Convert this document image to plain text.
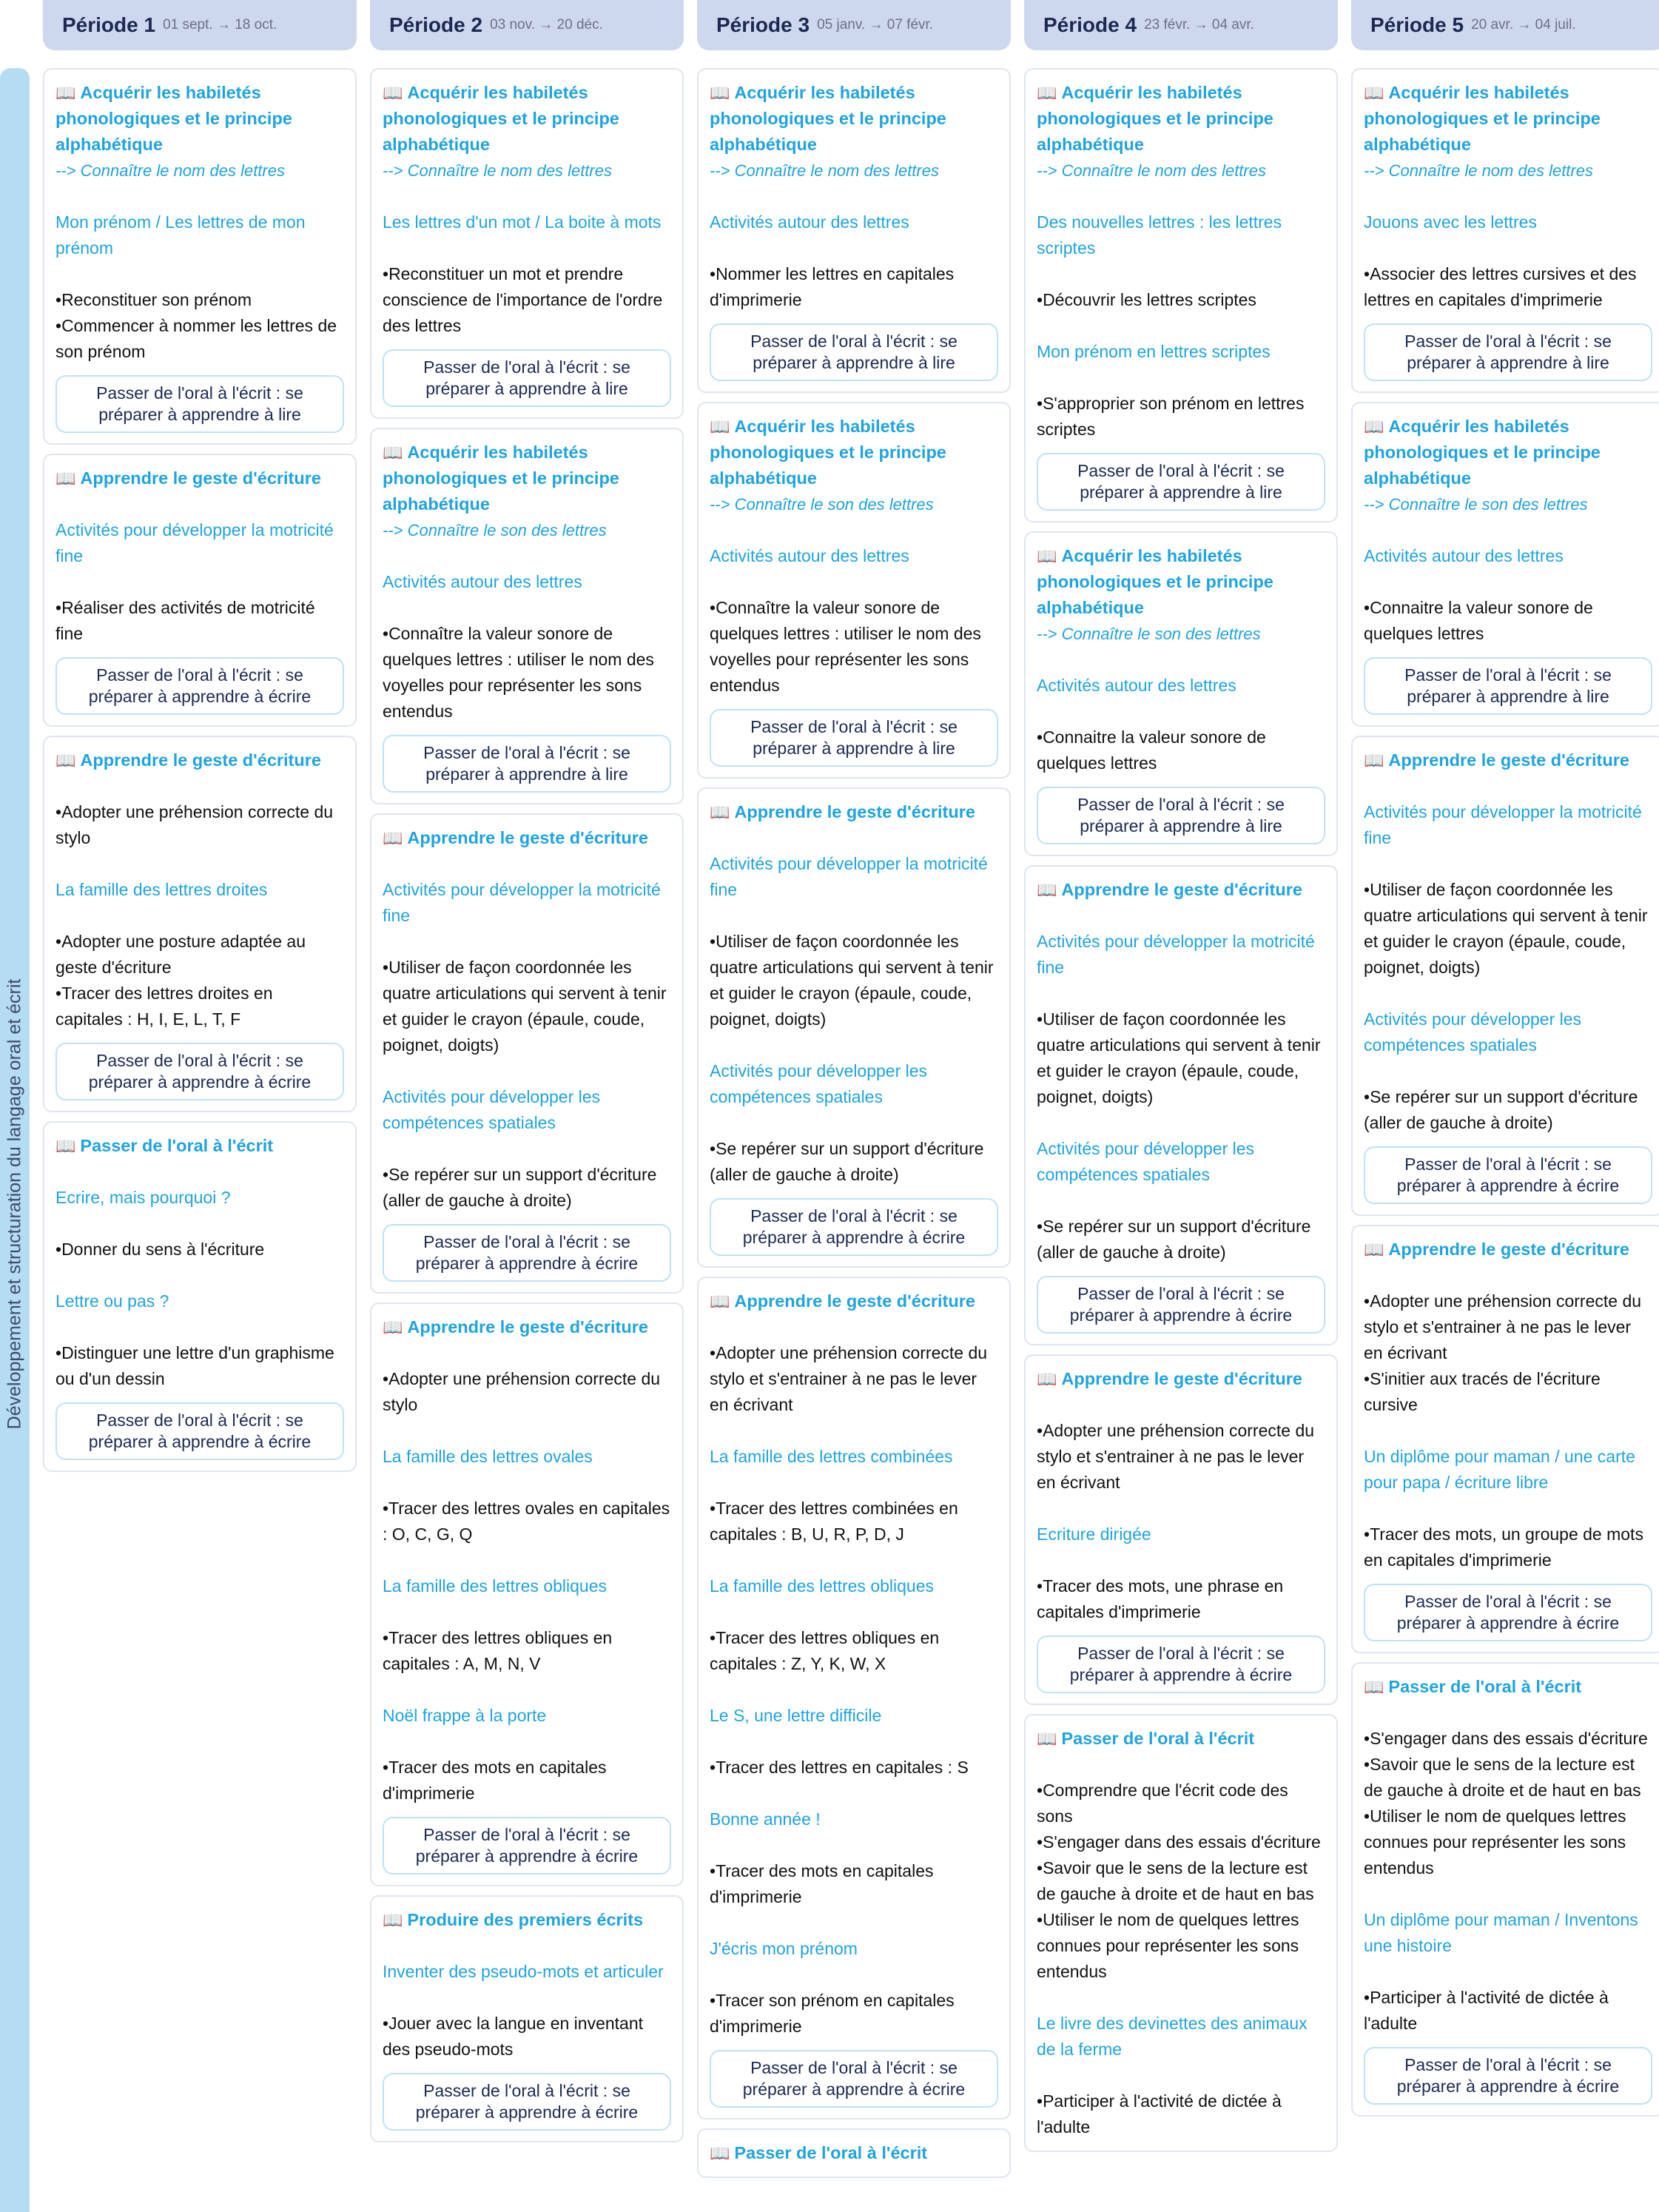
Développement et structuration du langage oral et écrit
Période 1 01 sept. → 18 oct.
📖 Acquérir les habiletés phonologiques et le principe alphabétique
--> Connaître le nom des lettres
Mon prénom / Les lettres de mon prénom
• Reconstituer son prénom
• Commencer à nommer les lettres de son prénom
Passer de l'oral à l'écrit : se préparer à apprendre à lire
📖 Apprendre le geste d'écriture
Activités pour développer la motricité fine
• Réaliser des activités de motricité fine
Passer de l'oral à l'écrit : se préparer à apprendre à écrire
📖 Apprendre le geste d'écriture
• Adopter une préhension correcte du stylo
La famille des lettres droites
• Adopter une posture adaptée au geste d'écriture
• Tracer des lettres droites en capitales : H, I, E, L, T, F
Passer de l'oral à l'écrit : se préparer à apprendre à écrire
📖 Passer de l'oral à l'écrit
Ecrire, mais pourquoi ?
• Donner du sens à l'écriture
Lettre ou pas ?
• Distinguer une lettre d'un graphisme ou d'un dessin
Passer de l'oral à l'écrit : se préparer à apprendre à écrire
Période 2 03 nov. → 20 déc.
📖 Acquérir les habiletés phonologiques et le principe alphabétique
--> Connaître le nom des lettres
Les lettres d'un mot / La boite à mots
• Reconstituer un mot et prendre conscience de l'importance de l'ordre des lettres
Passer de l'oral à l'écrit : se préparer à apprendre à lire
📖 Acquérir les habiletés phonologiques et le principe alphabétique
--> Connaître le son des lettres
Activités autour des lettres
• Connaître la valeur sonore de quelques lettres : utiliser le nom des voyelles pour représenter les sons entendus
Passer de l'oral à l'écrit : se préparer à apprendre à lire
📖 Apprendre le geste d'écriture
Activités pour développer la motricité fine
• Utiliser de façon coordonnée les quatre articulations qui servent à tenir et guider le crayon (épaule, coude, poignet, doigts)
Activités pour développer les compétences spatiales
• Se repérer sur un support d'écriture (aller de gauche à droite)
Passer de l'oral à l'écrit : se préparer à apprendre à écrire
📖 Apprendre le geste d'écriture
• Adopter une préhension correcte du stylo
La famille des lettres ovales
• Tracer des lettres ovales en capitales : O, C, G, Q
La famille des lettres obliques
• Tracer des lettres obliques en capitales : A, M, N, V
Noël frappe à la porte
• Tracer des mots en capitales d'imprimerie
Passer de l'oral à l'écrit : se préparer à apprendre à écrire
📖 Produire des premiers écrits
Inventer des pseudo-mots et articuler
• Jouer avec la langue en inventant des pseudo-mots
Passer de l'oral à l'écrit : se préparer à apprendre à écrire
Période 3 05 janv. → 07 févr.
📖 Acquérir les habiletés phonologiques et le principe alphabétique
--> Connaître le nom des lettres
Activités autour des lettres
• Nommer les lettres en capitales d'imprimerie
Passer de l'oral à l'écrit : se préparer à apprendre à lire
📖 Acquérir les habiletés phonologiques et le principe alphabétique
--> Connaître le son des lettres
Activités autour des lettres
• Connaître la valeur sonore de quelques lettres : utiliser le nom des voyelles pour représenter les sons entendus
Passer de l'oral à l'écrit : se préparer à apprendre à lire
📖 Apprendre le geste d'écriture
Activités pour développer la motricité fine
• Utiliser de façon coordonnée les quatre articulations qui servent à tenir et guider le crayon (épaule, coude, poignet, doigts)
Activités pour développer les compétences spatiales
• Se repérer sur un support d'écriture (aller de gauche à droite)
Passer de l'oral à l'écrit : se préparer à apprendre à écrire
📖 Apprendre le geste d'écriture
• Adopter une préhension correcte du stylo et s'entrainer à ne pas le lever en écrivant
La famille des lettres combinées
• Tracer des lettres combinées en capitales : B, U, R, P, D, J
La famille des lettres obliques
• Tracer des lettres obliques en capitales : Z, Y, K, W, X
Le S, une lettre difficile
• Tracer des lettres en capitales : S
Bonne année !
• Tracer des mots en capitales d'imprimerie
J'écris mon prénom
• Tracer son prénom en capitales d'imprimerie
Passer de l'oral à l'écrit : se préparer à apprendre à écrire
📖 Passer de l'oral à l'écrit
Période 4 23 févr. → 04 avr.
📖 Acquérir les habiletés phonologiques et le principe alphabétique
--> Connaître le nom des lettres
Des nouvelles lettres : les lettres scriptes
• Découvrir les lettres scriptes
Mon prénom en lettres scriptes
• S'approprier son prénom en lettres scriptes
Passer de l'oral à l'écrit : se préparer à apprendre à lire
📖 Acquérir les habiletés phonologiques et le principe alphabétique
--> Connaître le son des lettres
Activités autour des lettres
• Connaitre la valeur sonore de quelques lettres
Passer de l'oral à l'écrit : se préparer à apprendre à lire
📖 Apprendre le geste d'écriture
Activités pour développer la motricité fine
• Utiliser de façon coordonnée les quatre articulations qui servent à tenir et guider le crayon (épaule, coude, poignet, doigts)
Activités pour développer les compétences spatiales
• Se repérer sur un support d'écriture (aller de gauche à droite)
Passer de l'oral à l'écrit : se préparer à apprendre à écrire
📖 Apprendre le geste d'écriture
• Adopter une préhension correcte du stylo et s'entrainer à ne pas le lever en écrivant
Ecriture dirigée
• Tracer des mots, une phrase en capitales d'imprimerie
Passer de l'oral à l'écrit : se préparer à apprendre à écrire
📖 Passer de l'oral à l'écrit
• Comprendre que l'écrit code des sons
• S'engager dans des essais d'écriture
• Savoir que le sens de la lecture est de gauche à droite et de haut en bas
• Utiliser le nom de quelques lettres connues pour représenter les sons entendus
Le livre des devinettes des animaux de la ferme
• Participer à l'activité de dictée à l'adulte
Période 5 20 avr. → 04 juil.
📖 Acquérir les habiletés phonologiques et le principe alphabétique
--> Connaître le nom des lettres
Jouons avec les lettres
• Associer des lettres cursives et des lettres en capitales d'imprimerie
Passer de l'oral à l'écrit : se préparer à apprendre à lire
📖 Acquérir les habiletés phonologiques et le principe alphabétique
--> Connaître le son des lettres
Activités autour des lettres
• Connaitre la valeur sonore de quelques lettres
Passer de l'oral à l'écrit : se préparer à apprendre à lire
📖 Apprendre le geste d'écriture
Activités pour développer la motricité fine
• Utiliser de façon coordonnée les quatre articulations qui servent à tenir et guider le crayon (épaule, coude, poignet, doigts)
Activités pour développer les compétences spatiales
• Se repérer sur un support d'écriture (aller de gauche à droite)
Passer de l'oral à l'écrit : se préparer à apprendre à écrire
📖 Apprendre le geste d'écriture
• Adopter une préhension correcte du stylo et s'entrainer à ne pas le lever en écrivant
• S'initier aux tracés de l'écriture cursive
Un diplôme pour maman / une carte pour papa / écriture libre
• Tracer des mots, un groupe de mots en capitales d'imprimerie
Passer de l'oral à l'écrit : se préparer à apprendre à écrire
📖 Passer de l'oral à l'écrit
• S'engager dans des essais d'écriture
• Savoir que le sens de la lecture est de gauche à droite et de haut en bas
• Utiliser le nom de quelques lettres connues pour représenter les sons entendus
Un diplôme pour maman / Inventons une histoire
• Participer à l'activité de dictée à l'adulte
Passer de l'oral à l'écrit : se préparer à apprendre à écrire
